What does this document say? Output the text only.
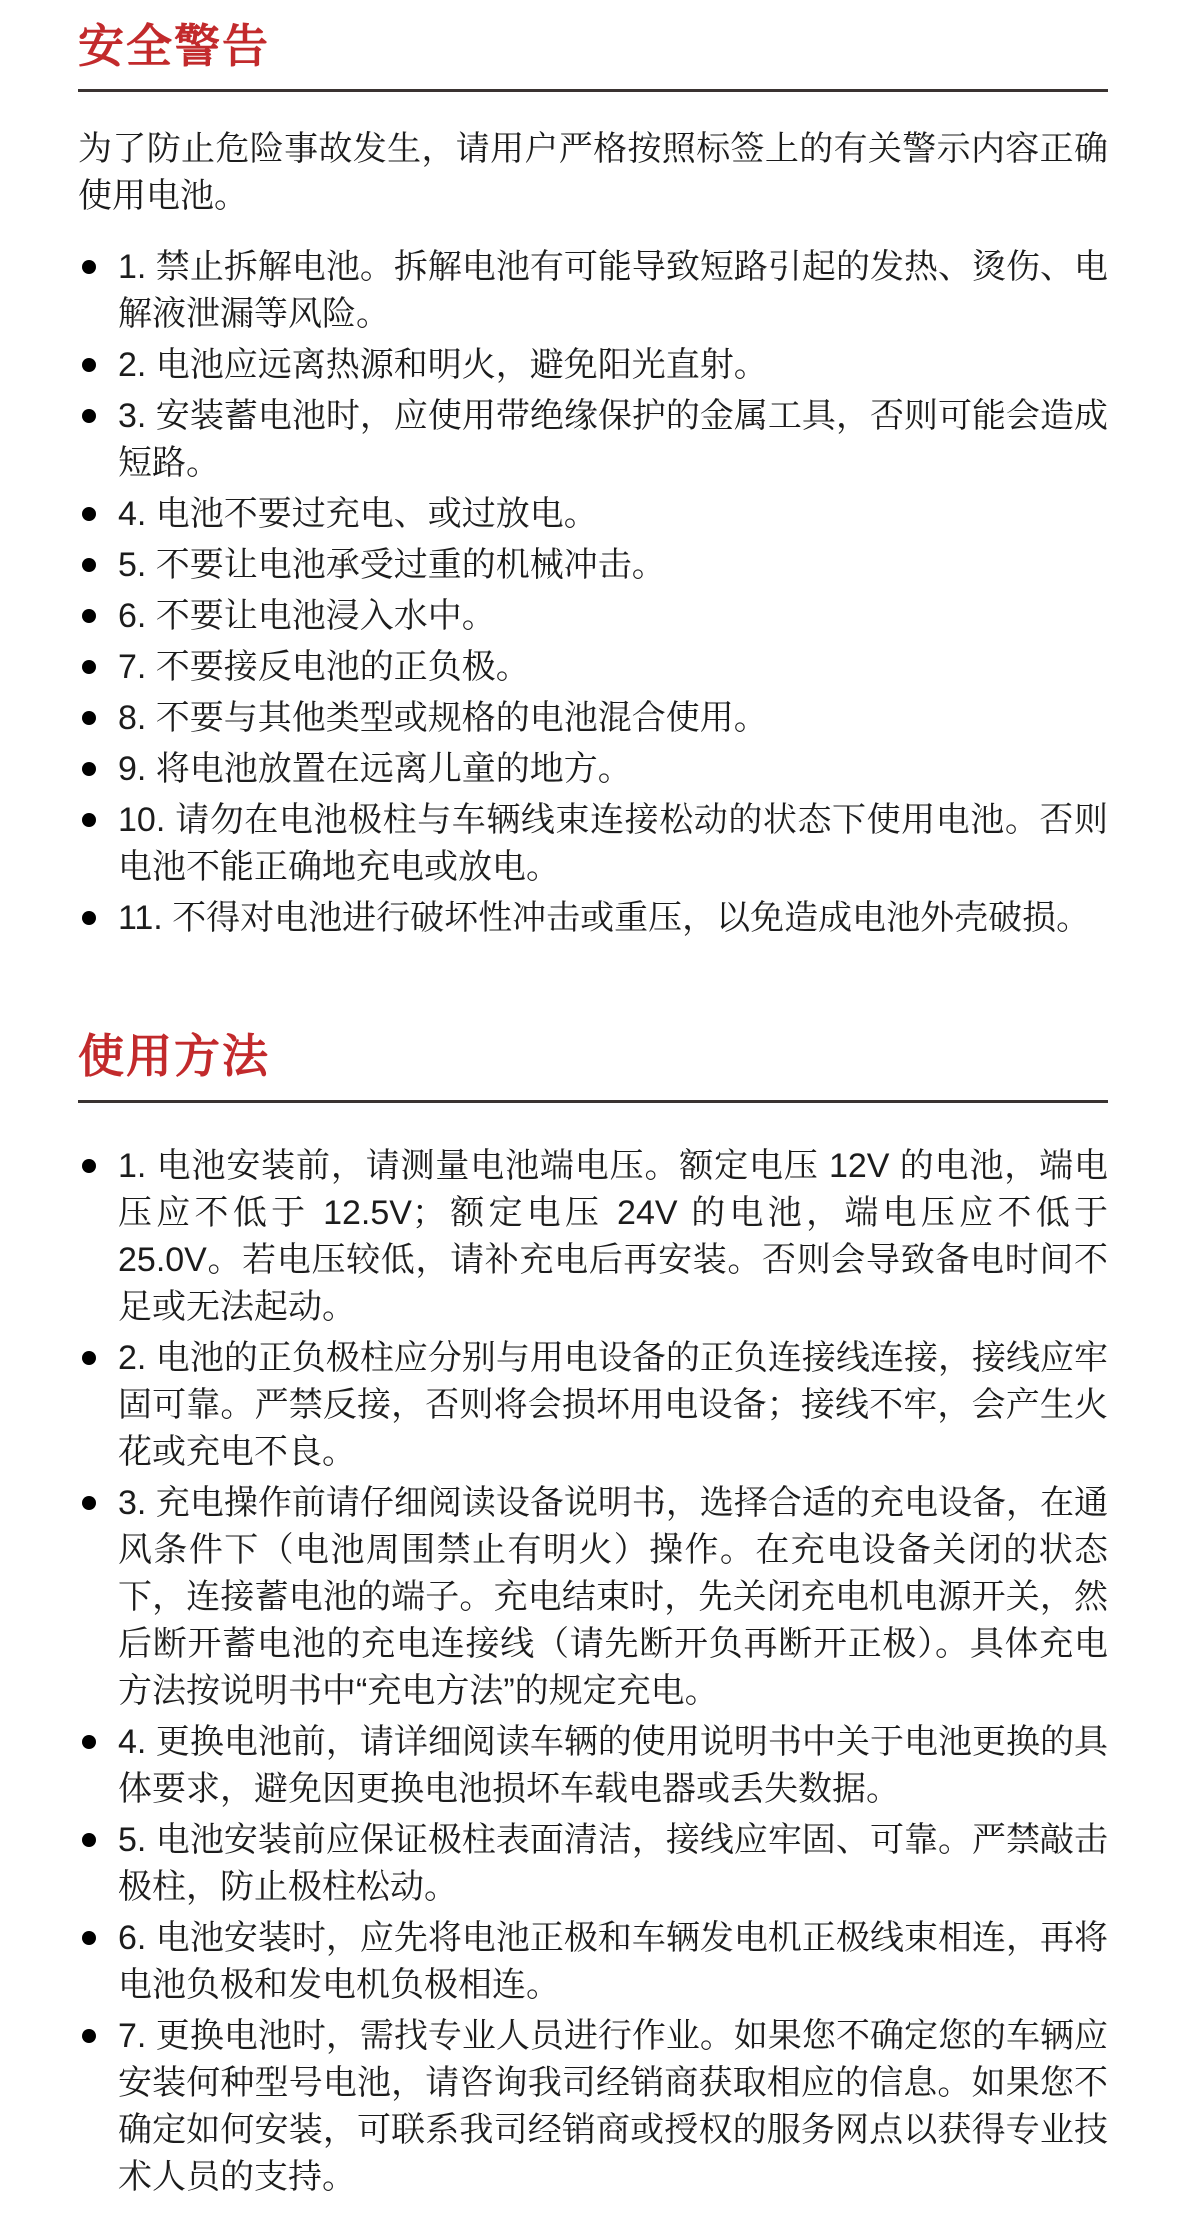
安全警告

为了防止危险事故发生，请用户严格按照标签上的有关警示内容正确使用电池。

1. 禁止拆解电池。拆解电池有可能导致短路引起的发热、烫伤、电解液泄漏等风险。
2. 电池应远离热源和明火，避免阳光直射。
3. 安装蓄电池时，应使用带绝缘保护的金属工具，否则可能会造成短路。
4. 电池不要过充电、或过放电。
5. 不要让电池承受过重的机械冲击。
6. 不要让电池浸入水中。
7. 不要接反电池的正负极。
8. 不要与其他类型或规格的电池混合使用。
9. 将电池放置在远离儿童的地方。
10. 请勿在电池极柱与车辆线束连接松动的状态下使用电池。否则电池不能正确地充电或放电。
11. 不得对电池进行破坏性冲击或重压，以免造成电池外壳破损。
使用方法
1. 电池安装前，请测量电池端电压。额定电压 12V 的电池，端电压应不低于 12.5V；额定电压 24V 的电池，端电压应不低于 25.0V。若电压较低，请补充电后再安装。否则会导致备电时间不足或无法起动。
2. 电池的正负极柱应分别与用电设备的正负连接线连接，接线应牢固可靠。严禁反接，否则将会损坏用电设备；接线不牢，会产生火花或充电不良。
3. 充电操作前请仔细阅读设备说明书，选择合适的充电设备，在通风条件下（电池周围禁止有明火）操作。在充电设备关闭的状态下，连接蓄电池的端子。充电结束时，先关闭充电机电源开关，然后断开蓄电池的充电连接线（请先断开负再断开正极）。具体充电方法按说明书中“充电方法”的规定充电。
4. 更换电池前，请详细阅读车辆的使用说明书中关于电池更换的具体要求，避免因更换电池损坏车载电器或丢失数据。
5. 电池安装前应保证极柱表面清洁，接线应牢固、可靠。严禁敲击 极柱，防止极柱松动。
6. 电池安装时，应先将电池正极和车辆发电机正极线束相连，再将电池负极和发电机负极相连。
7. 更换电池时，需找专业人员进行作业。如果您不确定您的车辆应安装何种型号电池，请咨询我司经销商获取相应的信息。如果您不确定如何安装，可联系我司经销商或授权的服务网点以获得专业技术人员的支持。
